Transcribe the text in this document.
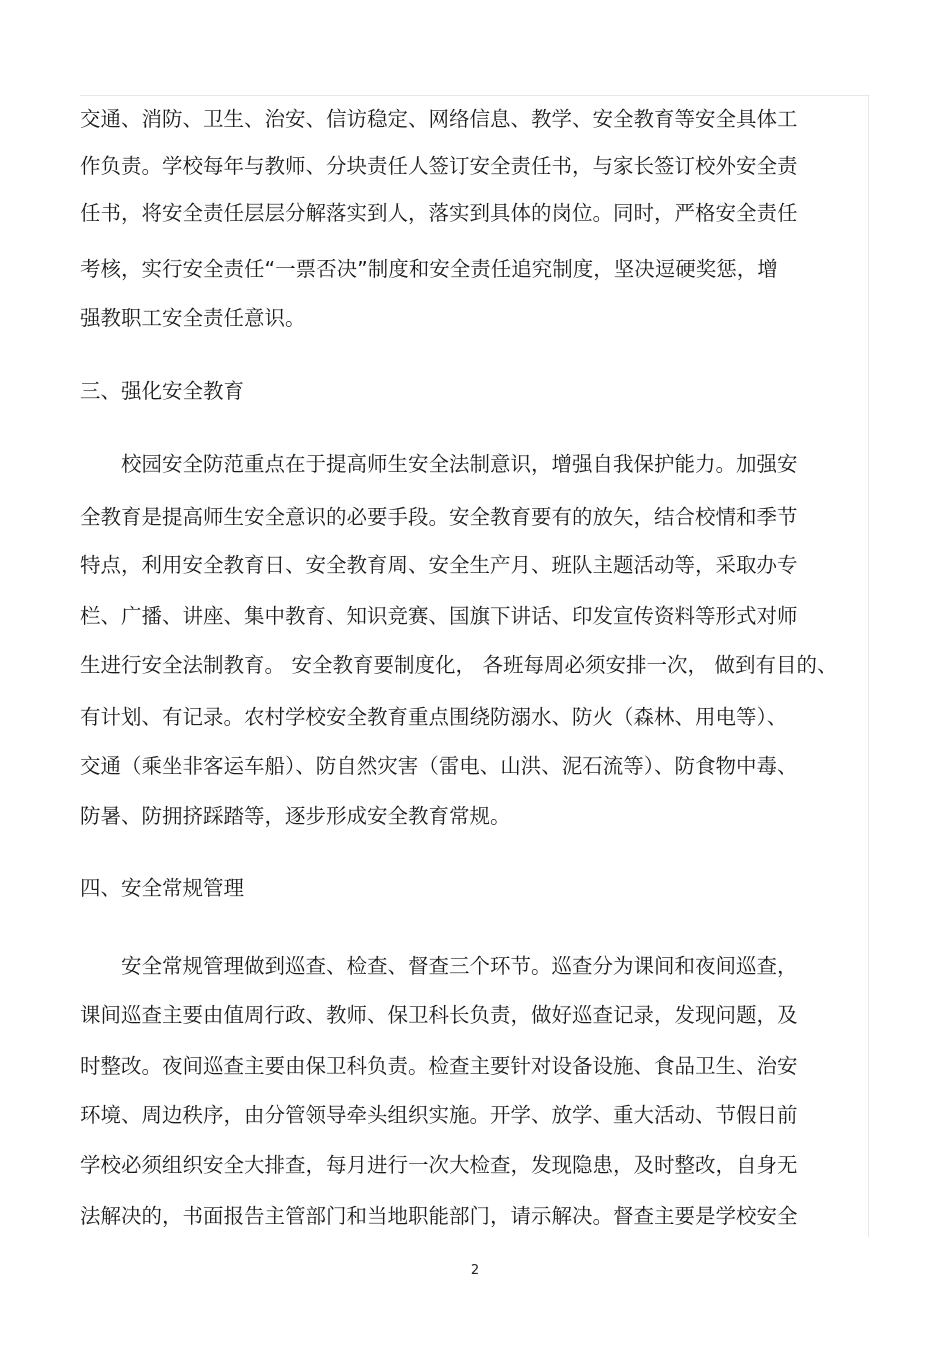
交通、消防、卫生、治安、信访稳定、网络信息、教学、安全教育等安全具体工
作负责。学校每年与教师、分块责任人签订安全责任书，与家长签订校外安全责
任书，将安全责任层层分解落实到人，落实到具体的岗位。同时，严格安全责任
考核，实行安全责任“一票否决”制度和安全责任追究制度，坚决逗硬奖惩，增
强教职工安全责任意识。
三、强化安全教育
校园安全防范重点在于提高师生安全法制意识，增强自我保护能力。加强安
全教育是提高师生安全意识的必要手段。安全教育要有的放矢，结合校情和季节
特点，利用安全教育日、安全教育周、安全生产月、班队主题活动等，采取办专
栏、广播、讲座、集中教育、知识竞赛、国旗下讲话、印发宣传资料等形式对师
生进行安全法制教育。 安全教育要制度化， 各班每周必须安排一次， 做到有目的、
有计划、有记录。农村学校安全教育重点围绕防溺水、防火（森林、用电等）、
交通（乘坐非客运车船）、防自然灾害（雷电、山洪、泥石流等）、防食物中毒、
防暑、防拥挤踩踏等，逐步形成安全教育常规。
四、安全常规管理
安全常规管理做到巡查、检查、督查三个环节。巡查分为课间和夜间巡查，
课间巡查主要由值周行政、教师、保卫科长负责，做好巡查记录，发现问题，及
时整改。夜间巡查主要由保卫科负责。检查主要针对设备设施、食品卫生、治安
环境、周边秩序，由分管领导牵头组织实施。开学、放学、重大活动、节假日前
学校必须组织安全大排查，每月进行一次大检查，发现隐患，及时整改，自身无
法解决的，书面报告主管部门和当地职能部门，请示解决。督查主要是学校安全
2
